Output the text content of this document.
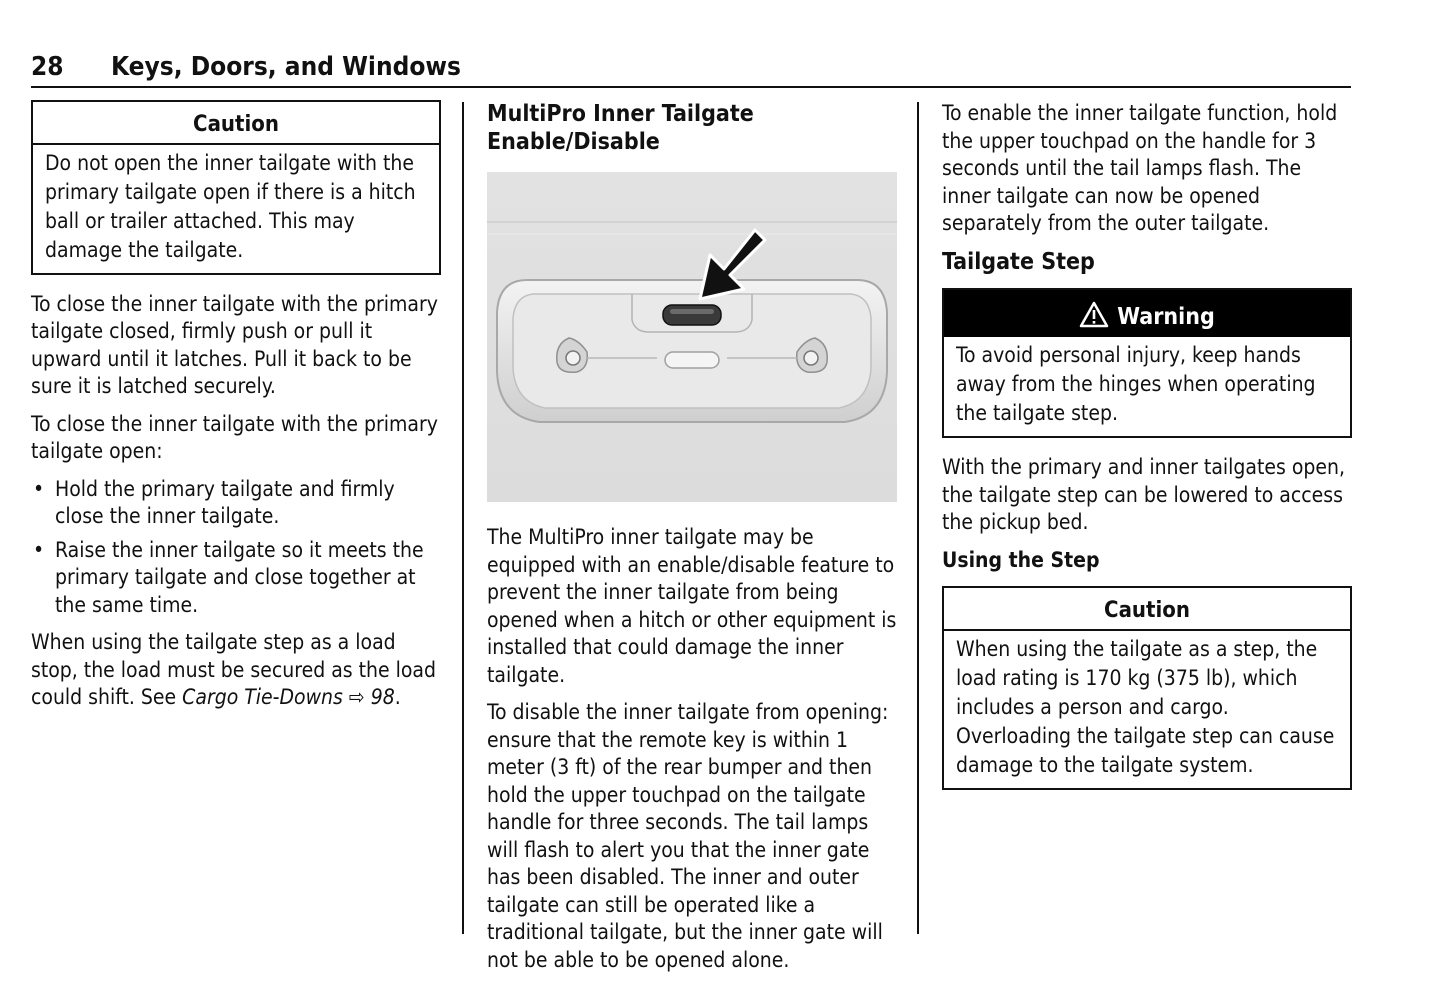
28 Keys, Doors, and Windows
Caution
Do not open the inner tailgate with the primary tailgate open if there is a hitch ball or trailer attached. This may damage the tailgate.

To close the inner tailgate with the primary tailgate closed, firmly push or pull it upward until it latches. Pull it back to be sure it is latched securely.

To close the inner tailgate with the primary tailgate open:

• Hold the primary tailgate and firmly close the inner tailgate.
• Raise the inner tailgate so it meets the primary tailgate and close together at the same time.

When using the tailgate step as a load stop, the load must be secured as the load could shift. See Cargo Tie-Downs ⇨ 98.

MultiPro Inner Tailgate Enable/Disable

The MultiPro inner tailgate may be equipped with an enable/disable feature to prevent the inner tailgate from being opened when a hitch or other equipment is installed that could damage the inner tailgate.

To disable the inner tailgate from opening: ensure that the remote key is within 1 meter (3 ft) of the rear bumper and then hold the upper touchpad on the tailgate handle for three seconds. The tail lamps will flash to alert you that the inner gate has been disabled. The inner and outer tailgate can still be operated like a traditional tailgate, but the inner gate will not be able to be opened alone.

To enable the inner tailgate function, hold the upper touchpad on the handle for 3 seconds until the tail lamps flash. The inner tailgate can now be opened separately from the outer tailgate.

Tailgate Step
Warning
To avoid personal injury, keep hands away from the hinges when operating the tailgate step.

With the primary and inner tailgates open, the tailgate step can be lowered to access the pickup bed.

Using the Step
Caution
When using the tailgate as a step, the load rating is 170 kg (375 lb), which includes a person and cargo. Overloading the tailgate step can cause damage to the tailgate system.
